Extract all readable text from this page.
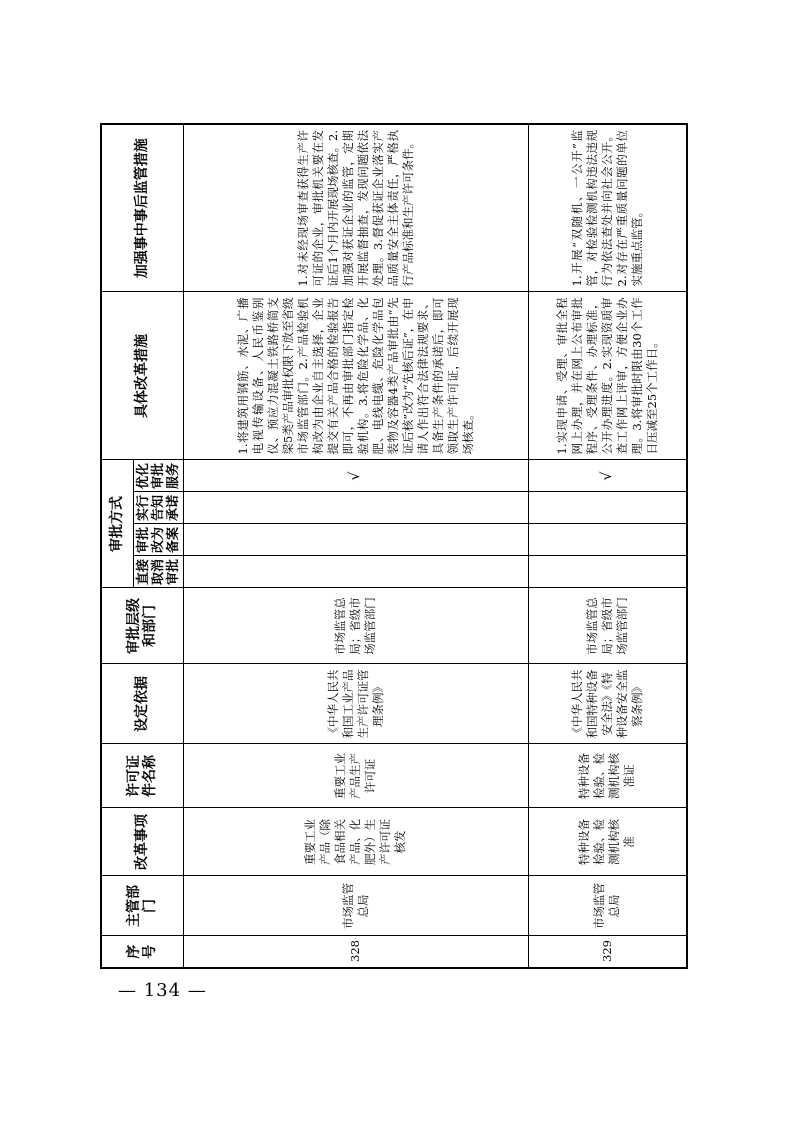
序号	主管部门	改革事项	许可证件名称	设定依据	审批层级和部门	审批方式				具体改革措施	加强事中事后监管措施
						直接取消审批	审批改为备案	实行告知承诺	优化审批服务		
328	市场监管总局	重要工业产品（除食品相关产品、化肥外）生产许可证核发	重要工业产品生产许可证	《中华人民共和国工业产品生产许可证管理条例》	市场监管总局；省级市场监管部门				√	1.将建筑用钢筋、水泥、广播电视传输设备、人民币鉴别仪、预应力混凝土铁路桥简支梁5类产品审批权限下放至省级市场监管部门。2.产品检验机构改为由企业自主选择，企业提交有关产品合格的检验报告即可，不再由审批部门指定检验机构。3.将危险化学品、化肥、电线电缆、危险化学品包装物及容器4类产品审批由“先证后核”改为“先核后证”，在申请人作出符合法律法规要求、具备生产条件的承诺后，即可领取生产许可证，后续开展现场核查。	1.对未经现场审查获得生产许可证的企业，审批机关要在发证后1个月内开展现场核查。2.加强对获证企业的监管，定期开展监督抽查，发现问题依法处理。3.督促获证企业落实产品质量安全主体责任，严格执行产品标准和生产许可条件。
329	市场监管总局	特种设备检验、检测机构核准	特种设备检验、检测机构核准证	《中华人民共和国特种设备安全法》《特种设备安全监察条例》	市场监管总局；省级市场监管部门				√	1.实现申请、受理、审批全程网上办理，并在网上公布审批程序、受理条件、办理标准，公开办理进度。2.实现资质审查工作网上评审，方便企业办理。3.将审批时限由30个工作日压减至25个工作日。	1.开展“双随机、一公开”监管，对检验检测机构违法违规行为依法查处并向社会公开。2.对存在严重质量问题的单位实施重点监管。
— 134 —
